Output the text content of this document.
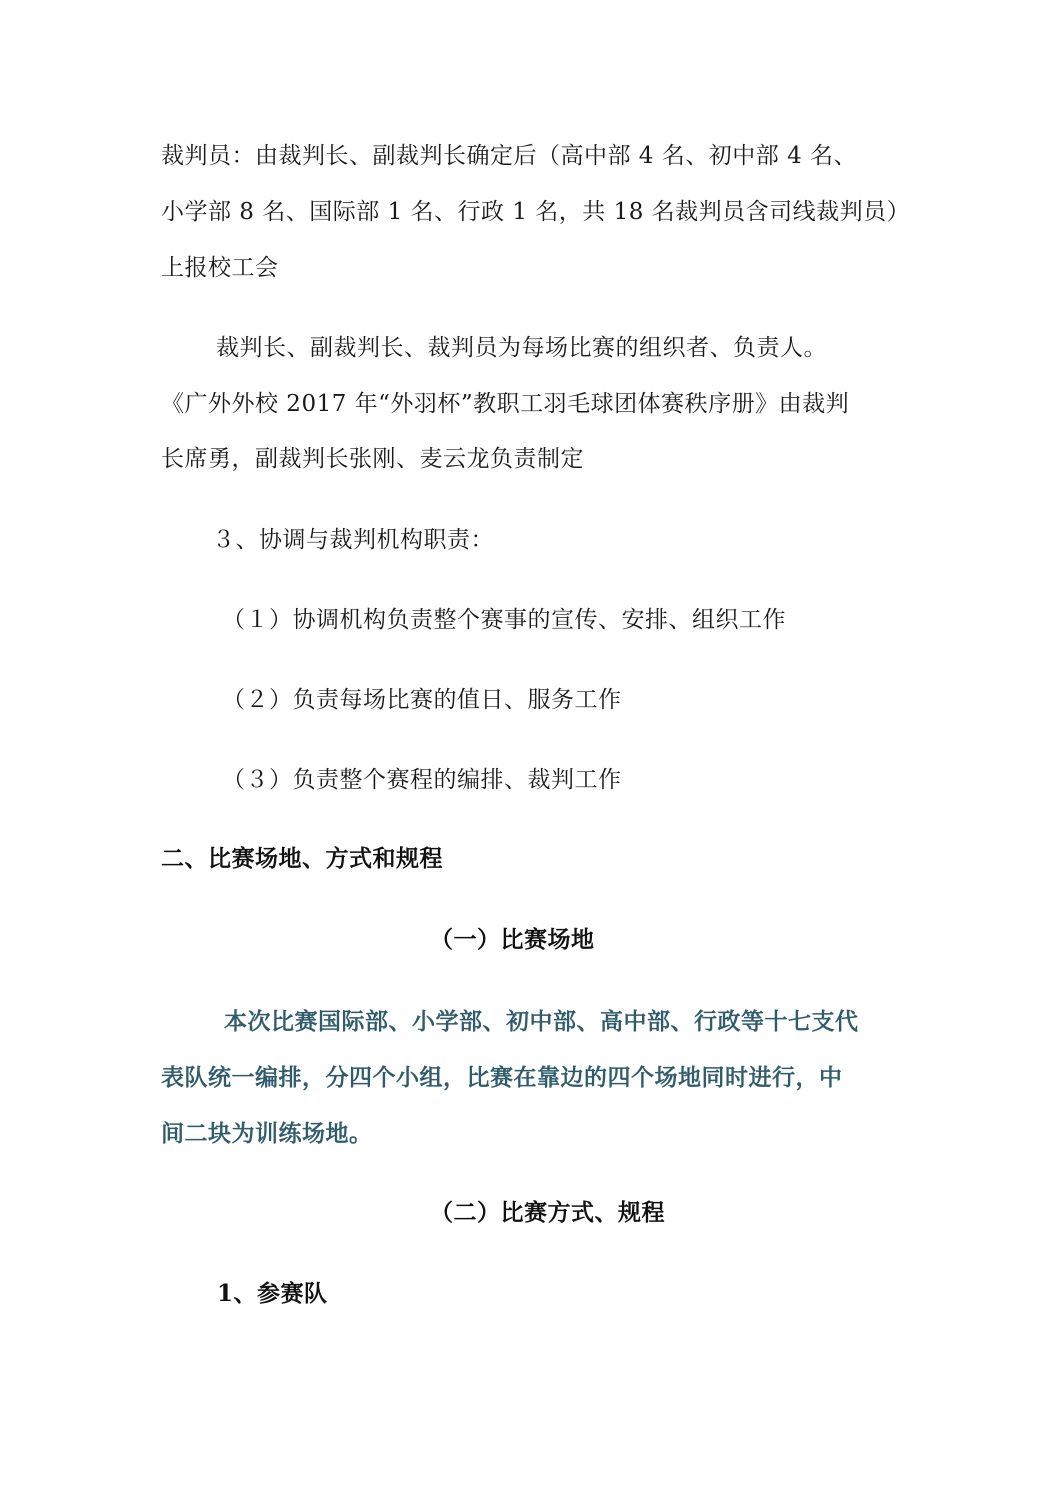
裁判员：由裁判长、副裁判长确定后（高中部 4 名、初中部 4 名、
小学部 8 名、国际部 1 名、行政 1 名，共 18 名裁判员含司线裁判员）
上报校工会
裁判长、副裁判长、裁判员为每场比赛的组织者、负责人。
《广外外校 2017 年“外羽杯”教职工羽毛球团体赛秩序册》由裁判
长席勇，副裁判长张刚、麦云龙负责制定
３、协调与裁判机构职责：
（１）协调机构负责整个赛事的宣传、安排、组织工作
（２）负责每场比赛的值日、服务工作
（３）负责整个赛程的编排、裁判工作
二、比赛场地、方式和规程
（一）比赛场地
本次比赛国际部、小学部、初中部、高中部、行政等十七支代
表队统一编排，分四个小组，比赛在靠边的四个场地同时进行，中
间二块为训练场地。
（二）比赛方式、规程
1、参赛队
